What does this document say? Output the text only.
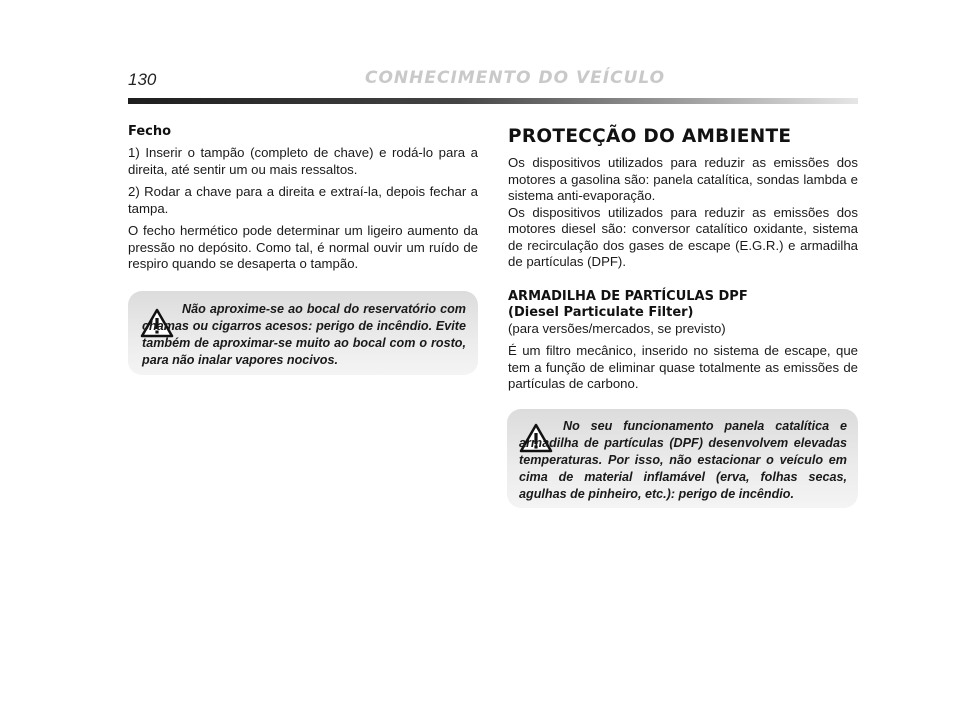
130	CONHECIMENTO DO VEÍCULO
Fecho

1) Inserir o tampão (completo de chave) e rodá-lo para a direita, até sentir um ou mais ressaltos.

2) Rodar a chave para a direita e extraí-la, depois fechar a tampa.

O fecho hermético pode determinar um ligeiro aumento da pressão no depósito. Como tal, é normal ouvir um ruído de respiro quando se desaperta o tampão.

Não aproxime-se ao bocal do reservatório com chamas ou cigarros acesos: perigo de incêndio. Evite também de aproximar-se muito ao bocal com o rosto, para não inalar vapores nocivos.
PROTECÇÃO DO AMBIENTE

Os dispositivos utilizados para reduzir as emissões dos motores a gasolina são: panela catalítica, sondas lambda e sistema anti-evaporação.

Os dispositivos utilizados para reduzir as emissões dos motores diesel são: conversor catalítico oxidante, sistema de recirculação dos gases de escape (E.G.R.) e armadilha de partículas (DPF).

ARMADILHA DE PARTÍCULAS DPF
(Diesel Particulate Filter)

(para versões/mercados, se previsto)

É um filtro mecânico, inserido no sistema de escape, que tem a função de eliminar quase totalmente as emissões de partículas de carbono.

No seu funcionamento panela catalítica e armadilha de partículas (DPF) desenvolvem elevadas temperaturas. Por isso, não estacionar o veículo em cima de material inflamável (erva, folhas secas, agulhas de pinheiro, etc.): perigo de incêndio.
